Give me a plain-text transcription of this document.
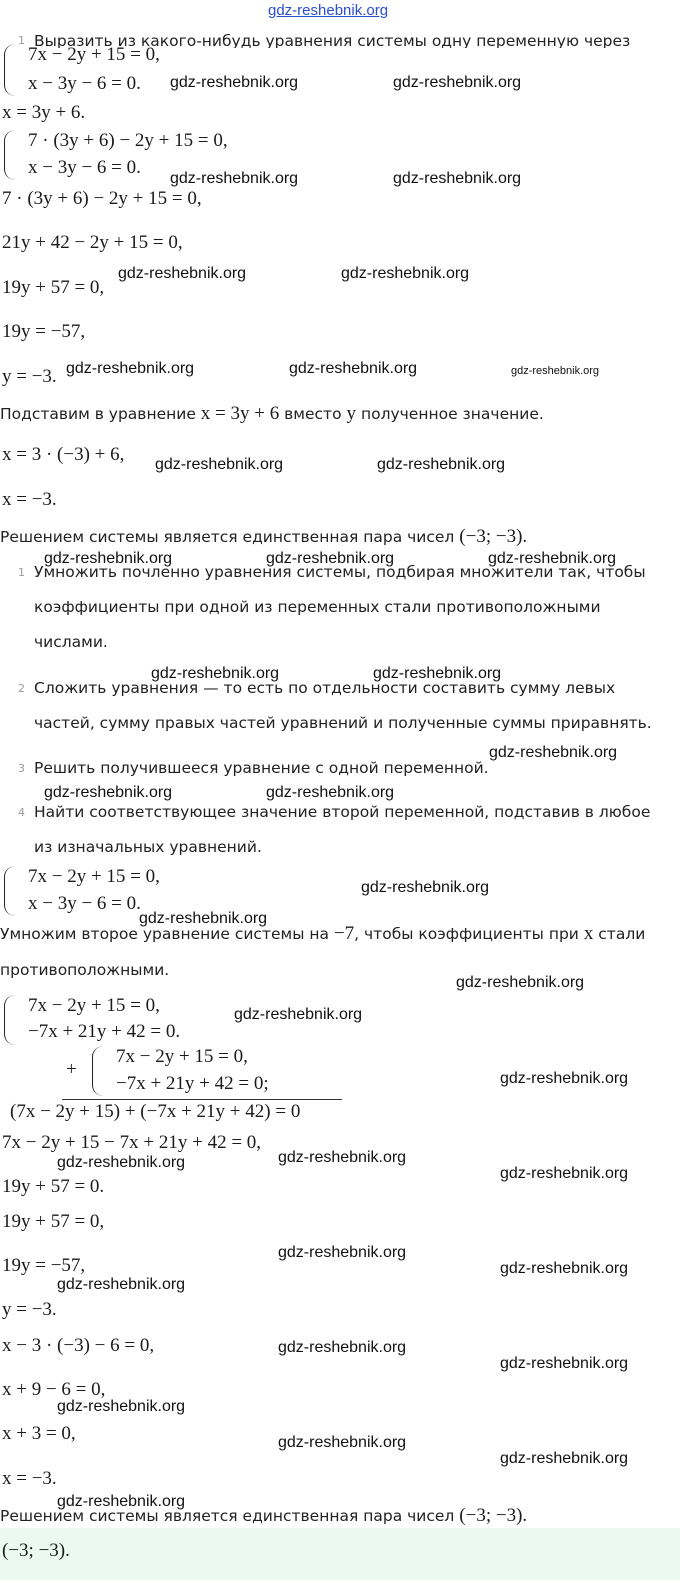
gdz-reshebnik.org
1 Выразить из какого-нибудь уравнения системы одну переменную через
7x − 2y + 15 = 0,
x − 3y − 6 = 0.
x = 3y + 6.
7 · (3y + 6) − 2y + 15 = 0,
x − 3y − 6 = 0.
7 · (3y + 6) − 2y + 15 = 0,
21y + 42 − 2y + 15 = 0,
19y + 57 = 0,
19y = −57,
y = −3.
Подставим в уравнение x = 3y + 6 вместо y полученное значение.
x = 3 · (−3) + 6,
x = −3.
Решением системы является единственная пара чисел (−3; −3).
1 Умножить почленно уравнения системы, подбирая множители так, чтобы
коэффициенты при одной из переменных стали противоположными
числами.
2 Сложить уравнения — то есть по отдельности составить сумму левых
частей, сумму правых частей уравнений и полученные суммы приравнять.
3 Решить получившееся уравнение с одной переменной.
4 Найти соответствующее значение второй переменной, подставив в любое
из изначальных уравнений.
7x − 2y + 15 = 0,
x − 3y − 6 = 0.
Умножим второе уравнение системы на −7, чтобы коэффициенты при x стали
противоположными.
7x − 2y + 15 = 0,
−7x + 21y + 42 = 0.
+
7x − 2y + 15 = 0,
−7x + 21y + 42 = 0;
(7x − 2y + 15) + (−7x + 21y + 42) = 0
7x − 2y + 15 − 7x + 21y + 42 = 0,
19y + 57 = 0.
19y + 57 = 0,
19y = −57,
y = −3.
x − 3 · (−3) − 6 = 0,
x + 9 − 6 = 0,
x + 3 = 0,
x = −3.
Решением системы является единственная пара чисел (−3; −3).
(−3; −3).
gdz-reshebnik.org	gdz-reshebnik.org
gdz-reshebnik.org	gdz-reshebnik.org
gdz-reshebnik.org	gdz-reshebnik.org
gdz-reshebnik.org	gdz-reshebnik.org	gdz-reshebnik.org
gdz-reshebnik.org	gdz-reshebnik.org
gdz-reshebnik.org	gdz-reshebnik.org	gdz-reshebnik.org
gdz-reshebnik.org	gdz-reshebnik.org
gdz-reshebnik.org
gdz-reshebnik.org	gdz-reshebnik.org
gdz-reshebnik.org
gdz-reshebnik.org
gdz-reshebnik.org
gdz-reshebnik.org
gdz-reshebnik.org
gdz-reshebnik.org
gdz-reshebnik.org
gdz-reshebnik.org
gdz-reshebnik.org
gdz-reshebnik.org
gdz-reshebnik.org
gdz-reshebnik.org
gdz-reshebnik.org
gdz-reshebnik.org
gdz-reshebnik.org
gdz-reshebnik.org
gdz-reshebnik.org
